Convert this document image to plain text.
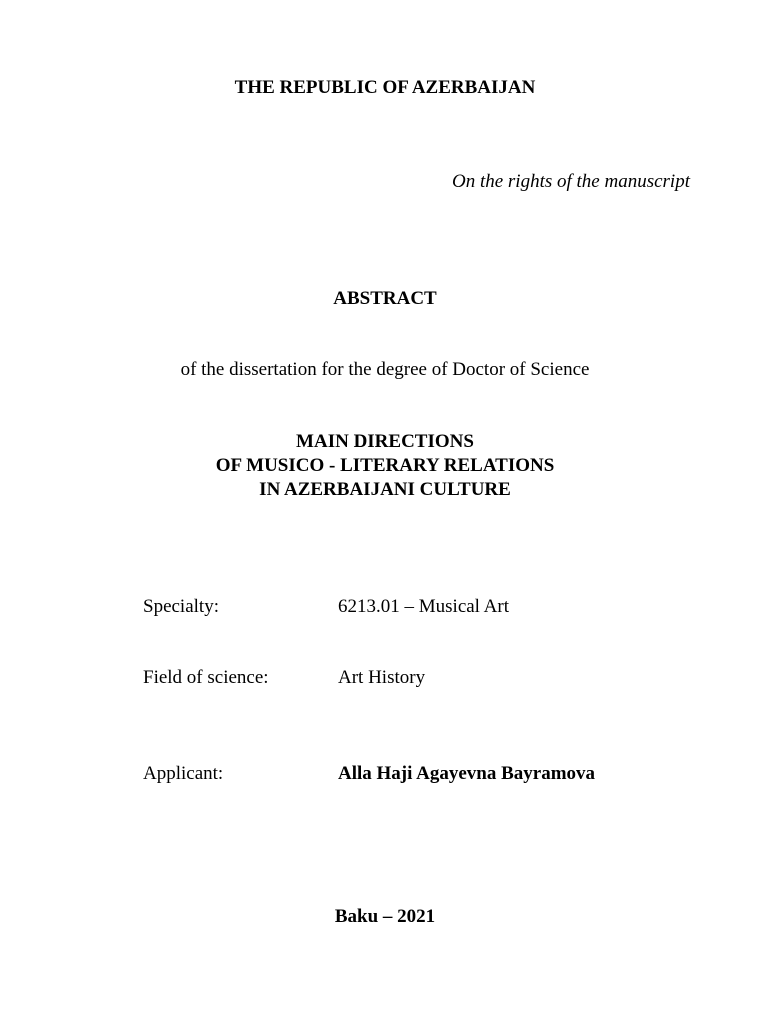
THE REPUBLIC OF AZERBAIJAN
On the rights of the manuscript
ABSTRACT
of the dissertation for the degree of Doctor of Science
MAIN DIRECTIONS
OF MUSICO - LITERARY RELATIONS
IN AZERBAIJANI CULTURE
Specialty:	6213.01 – Musical Art
Field of science:	Art History
Applicant:	Alla Haji Agayevna Bayramova
Baku – 2021
